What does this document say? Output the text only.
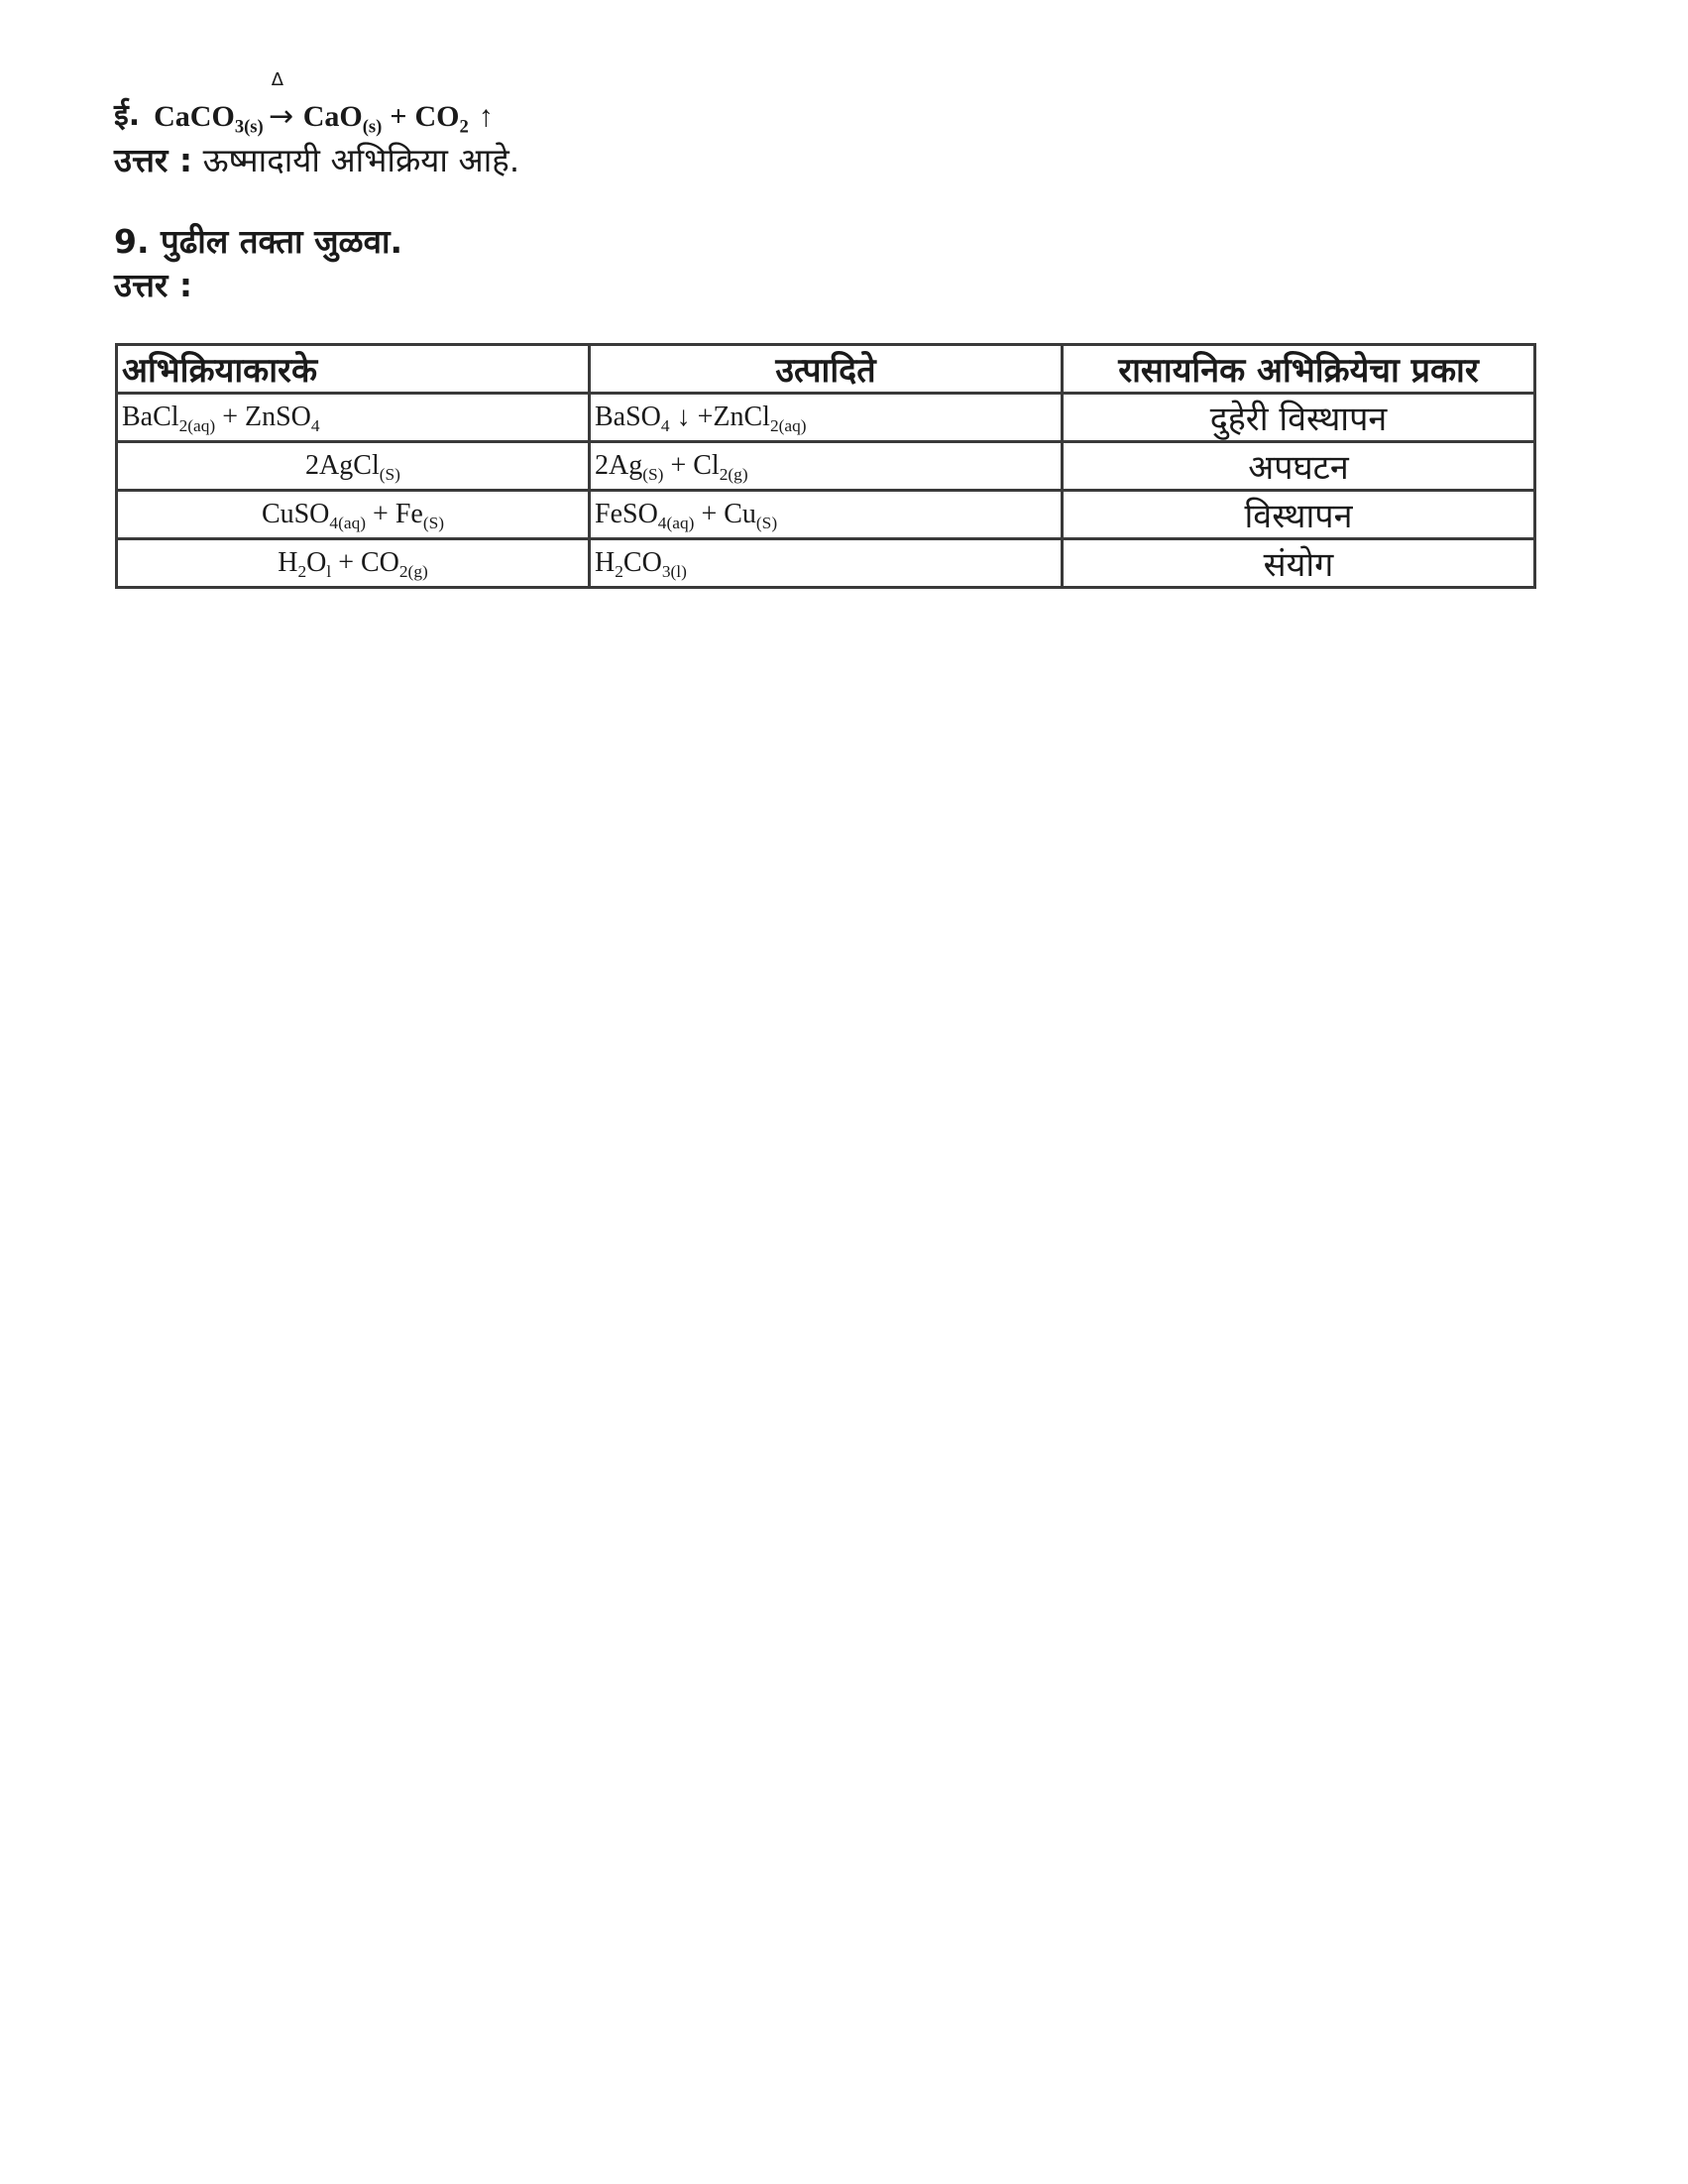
ई. CaCO$_{3(s)}$
Δ
→ $CaO_{(s)} + CO_2$ ↑
उत्तर : ऊष्मादायी अभिक्रिया आहे.
9. पुढील तक्ता जुळवा.
उत्तर :
अभिक्रियाकारके	उत्पादिते	रासायनिक अभिक्रियेचा प्रकार
BaCl$_{2(aq)}$ + ZnSO$_4$	BaSO$_4$ ↓ +ZnCl$_{2(aq)}$	दुहेरी विस्थापन
2AgCl$_{(S)}$	$2Ag_{(S)} + Cl_{2(g)}$	अपघटन
CuSO$_{4(aq)}$ + $Fe_{(S)}$	FeSO$_{4(aq)}$ + $Cu_{(S)}$	विस्थापन
$H_2O_l + CO_{2(g)}$	$H_2CO_{3(l)}$	संयोग
